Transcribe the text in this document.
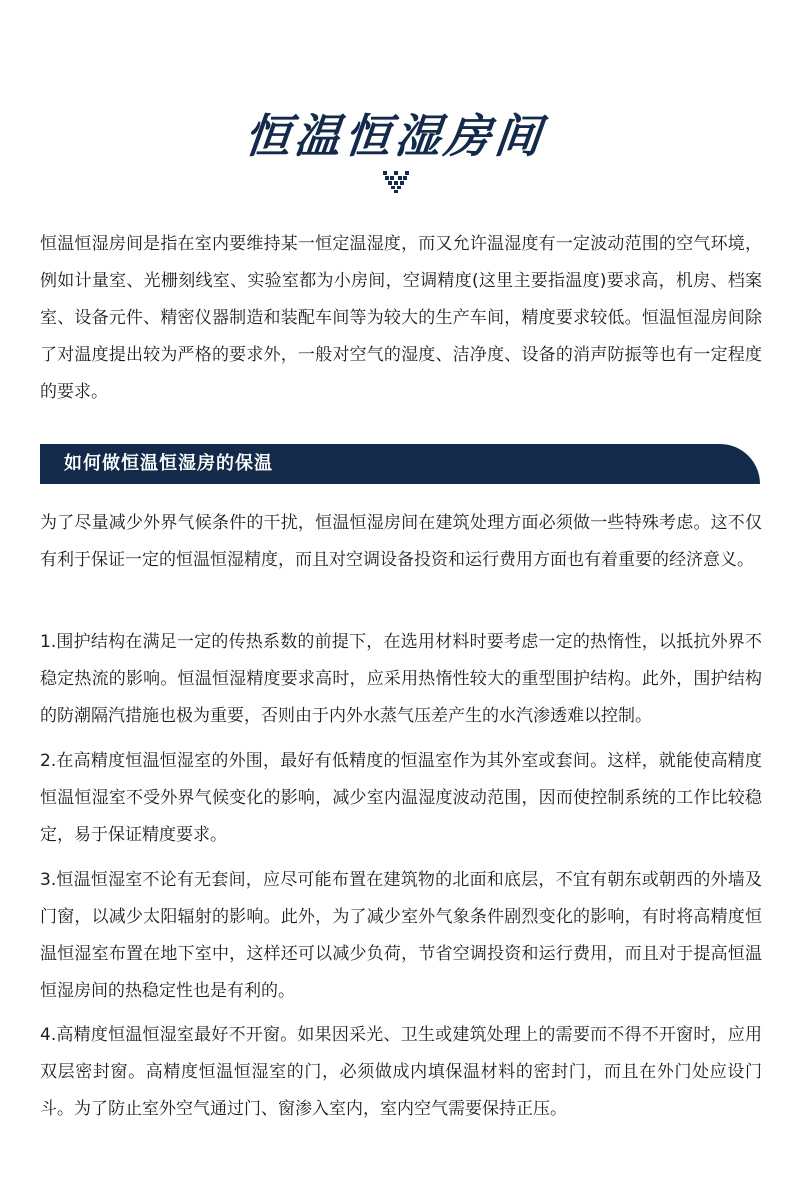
恒温恒湿房间

恒温恒湿房间是指在室内要维持某一恒定温湿度，而又允许温湿度有一定波动范围的空气环境，例如计量室、光栅刻线室、实验室都为小房间，空调精度(这里主要指温度)要求高，机房、档案室、设备元件、精密仪器制造和装配车间等为较大的生产车间，精度要求较低。恒温恒湿房间除了对温度提出较为严格的要求外，一般对空气的湿度、洁净度、设备的消声防振等也有一定程度的要求。

如何做恒温恒湿房的保温

为了尽量减少外界气候条件的干扰，恒温恒湿房间在建筑处理方面必须做一些特殊考虑。这不仅有利于保证一定的恒温恒湿精度，而且对空调设备投资和运行费用方面也有着重要的经济意义。

1.围护结构在满足一定的传热系数的前提下，在选用材料时要考虑一定的热惰性，以抵抗外界不稳定热流的影响。恒温恒湿精度要求高时，应采用热惰性较大的重型围护结构。此外，围护结构的防潮隔汽措施也极为重要，否则由于内外水蒸气压差产生的水汽渗透难以控制。

2.在高精度恒温恒湿室的外围，最好有低精度的恒温室作为其外室或套间。这样，就能使高精度恒温恒湿室不受外界气候变化的影响，减少室内温湿度波动范围，因而使控制系统的工作比较稳定，易于保证精度要求。

3.恒温恒湿室不论有无套间，应尽可能布置在建筑物的北面和底层，不宜有朝东或朝西的外墙及门窗，以减少太阳辐射的影响。此外，为了减少室外气象条件剧烈变化的影响，有时将高精度恒温恒湿室布置在地下室中，这样还可以减少负荷，节省空调投资和运行费用，而且对于提高恒温恒湿房间的热稳定性也是有利的。

4.高精度恒温恒湿室最好不开窗。如果因采光、卫生或建筑处理上的需要而不得不开窗时，应用双层密封窗。高精度恒温恒湿室的门，必须做成内填保温材料的密封门，而且在外门处应设门斗。为了防止室外空气通过门、窗渗入室内，室内空气需要保持正压。
